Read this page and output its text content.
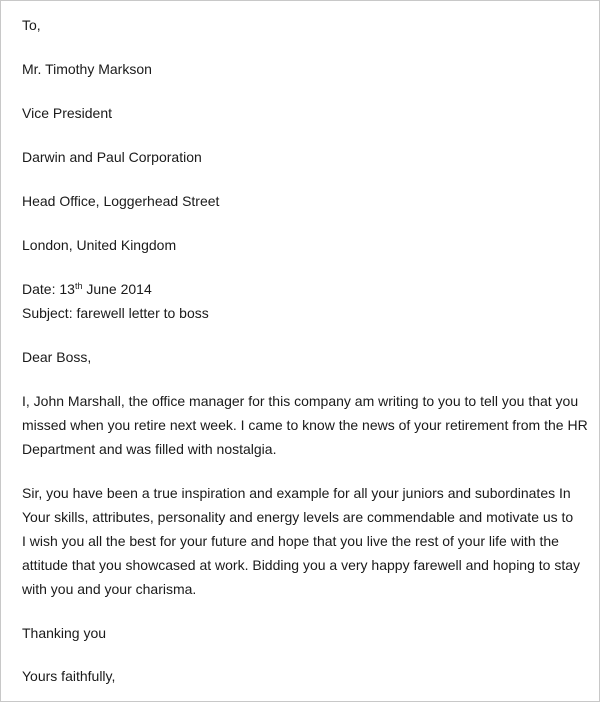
To,
Mr. Timothy Markson
Vice President
Darwin and Paul Corporation
Head Office, Loggerhead Street
London, United Kingdom
Date: 13th June 2014
Subject: farewell letter to boss
Dear Boss,
I, John Marshall, the office manager for this company am writing to you to tell you that you
missed when you retire next week. I came to know the news of your retirement from the HR
Department and was filled with nostalgia.
Sir, you have been a true inspiration and example for all your juniors and subordinates In
Your skills, attributes, personality and energy levels are commendable and motivate us to
I wish you all the best for your future and hope that you live the rest of your life with the
attitude that you showcased at work. Bidding you a very happy farewell and hoping to stay
with you and your charisma.
Thanking you
Yours faithfully,
